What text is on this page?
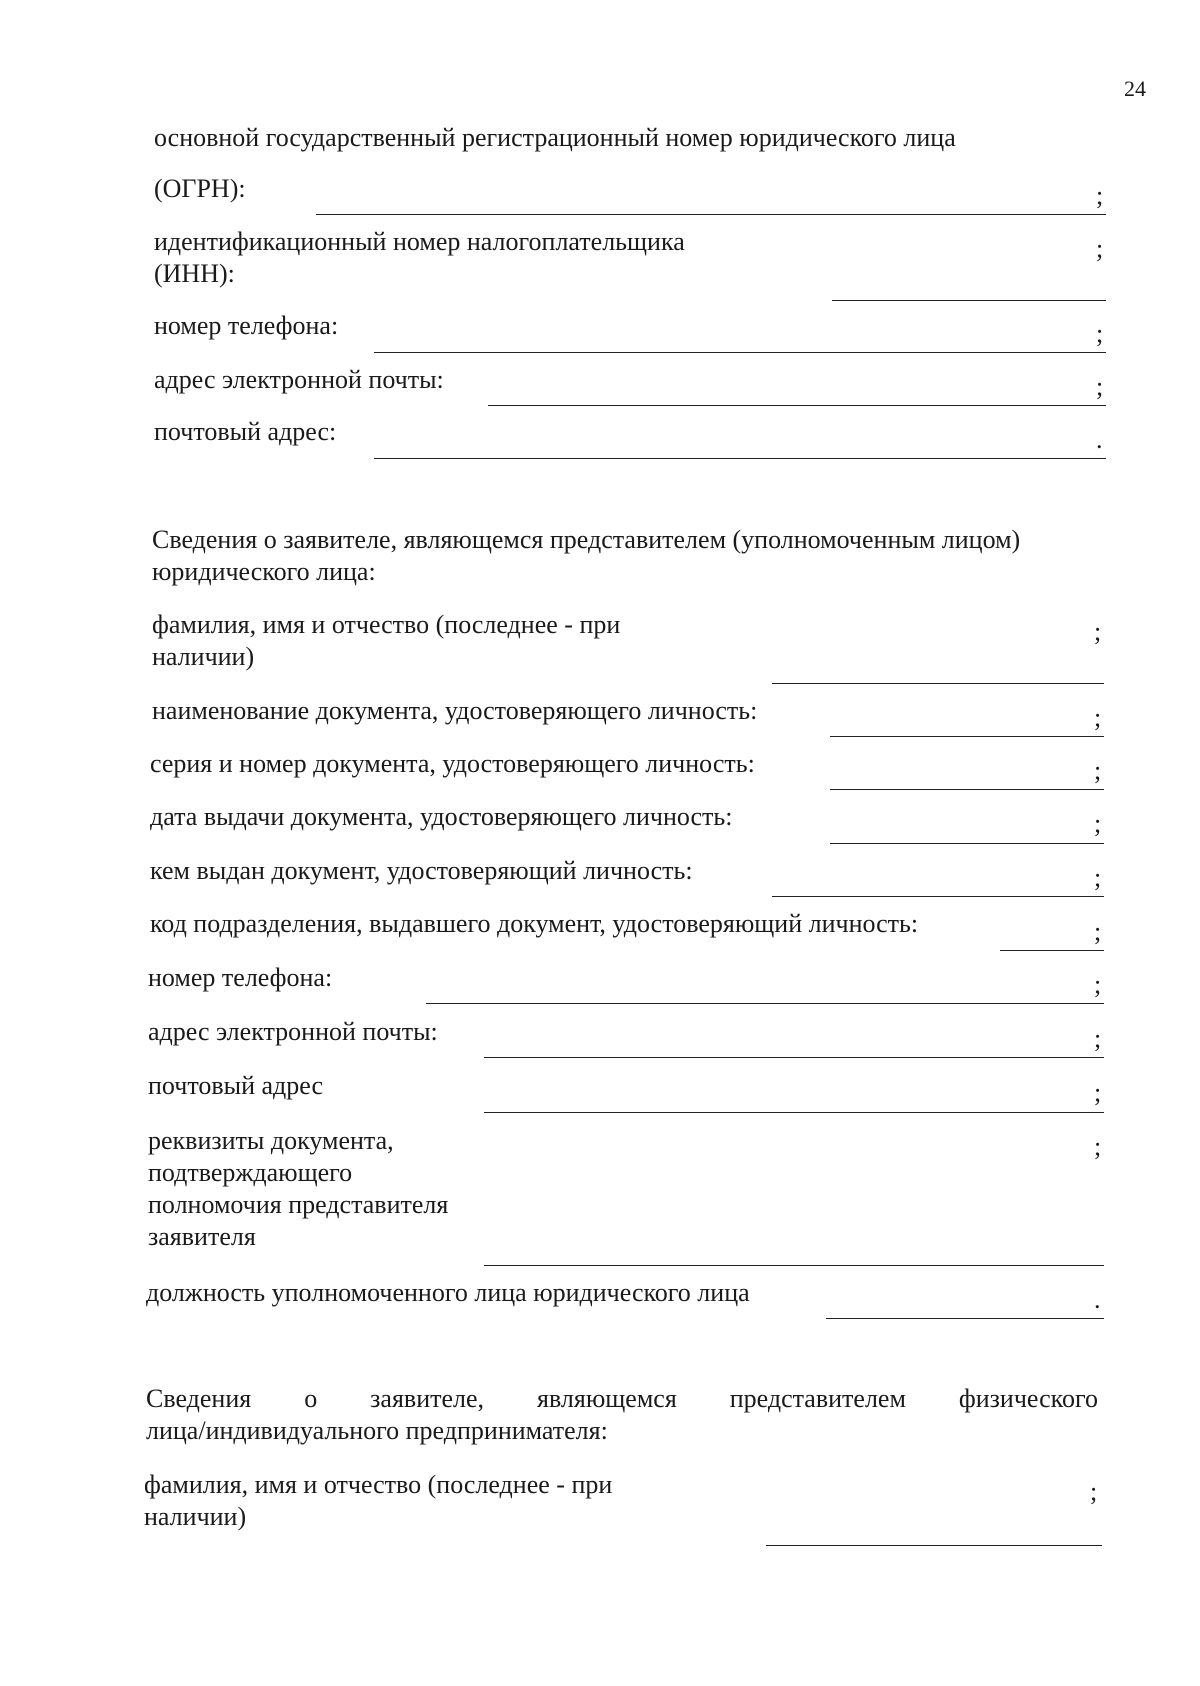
24
основной государственный регистрационный номер юридического лица
(ОГРН):	;
идентификационный номер налогоплательщика
(ИНН):
;
номер телефона:	;
адрес электронной почты:	;
почтовый адрес:	.
Сведения о заявителе, являющемся представителем (уполномоченным лицом)
юридического лица:
фамилия, имя и отчество (последнее - при
наличии)
;
наименование документа, удостоверяющего личность:	;
серия и номер документа, удостоверяющего личность:	;
дата выдачи документа, удостоверяющего личность:	;
кем выдан документ, удостоверяющий личность:	;
код подразделения, выдавшего документ, удостоверяющий личность:	;
номер телефона:	;
адрес электронной почты:	;
почтовый адрес	;
реквизиты документа,
подтверждающего
полномочия представителя
заявителя
;
должность уполномоченного лица юридического лица	.
Сведения о заявителе, являющемся представителем физического
лица/индивидуального предпринимателя:
фамилия, имя и отчество (последнее - при
наличии)
;
